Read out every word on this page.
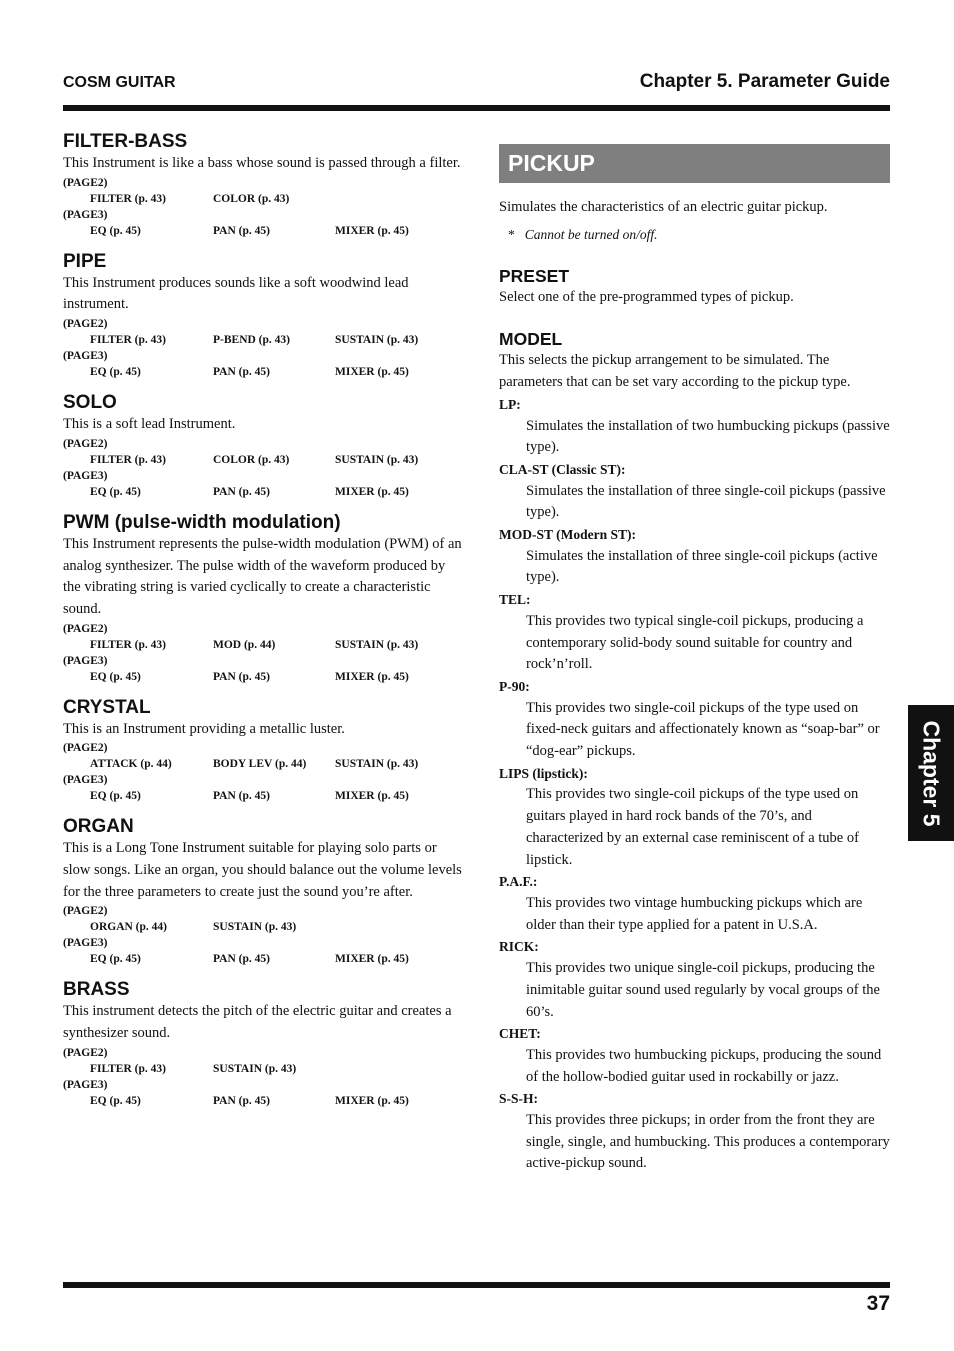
COSM GUITAR	Chapter 5. Parameter Guide

FILTER-BASS

This Instrument is like a bass whose sound is passed through a filter.

(PAGE2)
FILTER (p. 43)	COLOR (p. 43)
(PAGE3)
EQ (p. 45)	PAN (p. 45)	MIXER (p. 45)

PIPE

This Instrument produces sounds like a soft woodwind lead instrument.

(PAGE2)
FILTER (p. 43)	P-BEND (p. 43)	SUSTAIN (p. 43)
(PAGE3)
EQ (p. 45)	PAN (p. 45)	MIXER (p. 45)

SOLO

This is a soft lead Instrument.

(PAGE2)
FILTER (p. 43)	COLOR (p. 43)	SUSTAIN (p. 43)
(PAGE3)
EQ (p. 45)	PAN (p. 45)	MIXER (p. 45)

PWM (pulse-width modulation)

This Instrument represents the pulse-width modulation (PWM) of an analog synthesizer. The pulse width of the waveform produced by the vibrating string is varied cyclically to create a characteristic sound.

(PAGE2)
FILTER (p. 43)	MOD (p. 44)	SUSTAIN (p. 43)
(PAGE3)
EQ (p. 45)	PAN (p. 45)	MIXER (p. 45)

CRYSTAL

This is an Instrument providing a metallic luster.

(PAGE2)
ATTACK (p. 44)	BODY LEV (p. 44)	SUSTAIN (p. 43)
(PAGE3)
EQ (p. 45)	PAN (p. 45)	MIXER (p. 45)

ORGAN

This is a Long Tone Instrument suitable for playing solo parts or slow songs. Like an organ, you should balance out the volume levels for the three parameters to create just the sound you’re after.

(PAGE2)
ORGAN (p. 44)	SUSTAIN (p. 43)
(PAGE3)
EQ (p. 45)	PAN (p. 45)	MIXER (p. 45)

BRASS

This instrument detects the pitch of the electric guitar and creates a synthesizer sound.

(PAGE2)
FILTER (p. 43)	SUSTAIN (p. 43)
(PAGE3)
EQ (p. 45)	PAN (p. 45)	MIXER (p. 45)
PICKUP

Simulates the characteristics of an electric guitar pickup.

* Cannot be turned on/off.

PRESET

Select one of the pre-programmed types of pickup.

MODEL

This selects the pickup arrangement to be simulated. The parameters that can be set vary according to the pickup type.

LP:

Simulates the installation of two humbucking pickups (passive type).

CLA-ST (Classic ST):

Simulates the installation of three single-coil pickups (passive type).

MOD-ST (Modern ST):

Simulates the installation of three single-coil pickups (active type).

TEL:

This provides two typical single-coil pickups, producing a contemporary solid-body sound suitable for country and rock’n’roll.

P-90:

This provides two single-coil pickups of the type used on fixed-neck guitars and affectionately known as “soap-bar” or “dog-ear” pickups.

LIPS (lipstick):

This provides two single-coil pickups of the type used on guitars played in hard rock bands of the 70’s, and characterized by an external case reminiscent of a tube of lipstick.

P.A.F.:

This provides two vintage humbucking pickups which are older than their type applied for a patent in U.S.A.

RICK:

This provides two unique single-coil pickups, producing the inimitable guitar sound used regularly by vocal groups of the 60’s.

CHET:

This provides two humbucking pickups, producing the sound of the hollow-bodied guitar used in rockabilly or jazz.

S-S-H:

This provides three pickups; in order from the front they are single, single, and humbucking. This produces a contemporary active-pickup sound.

Chapter 5
37
